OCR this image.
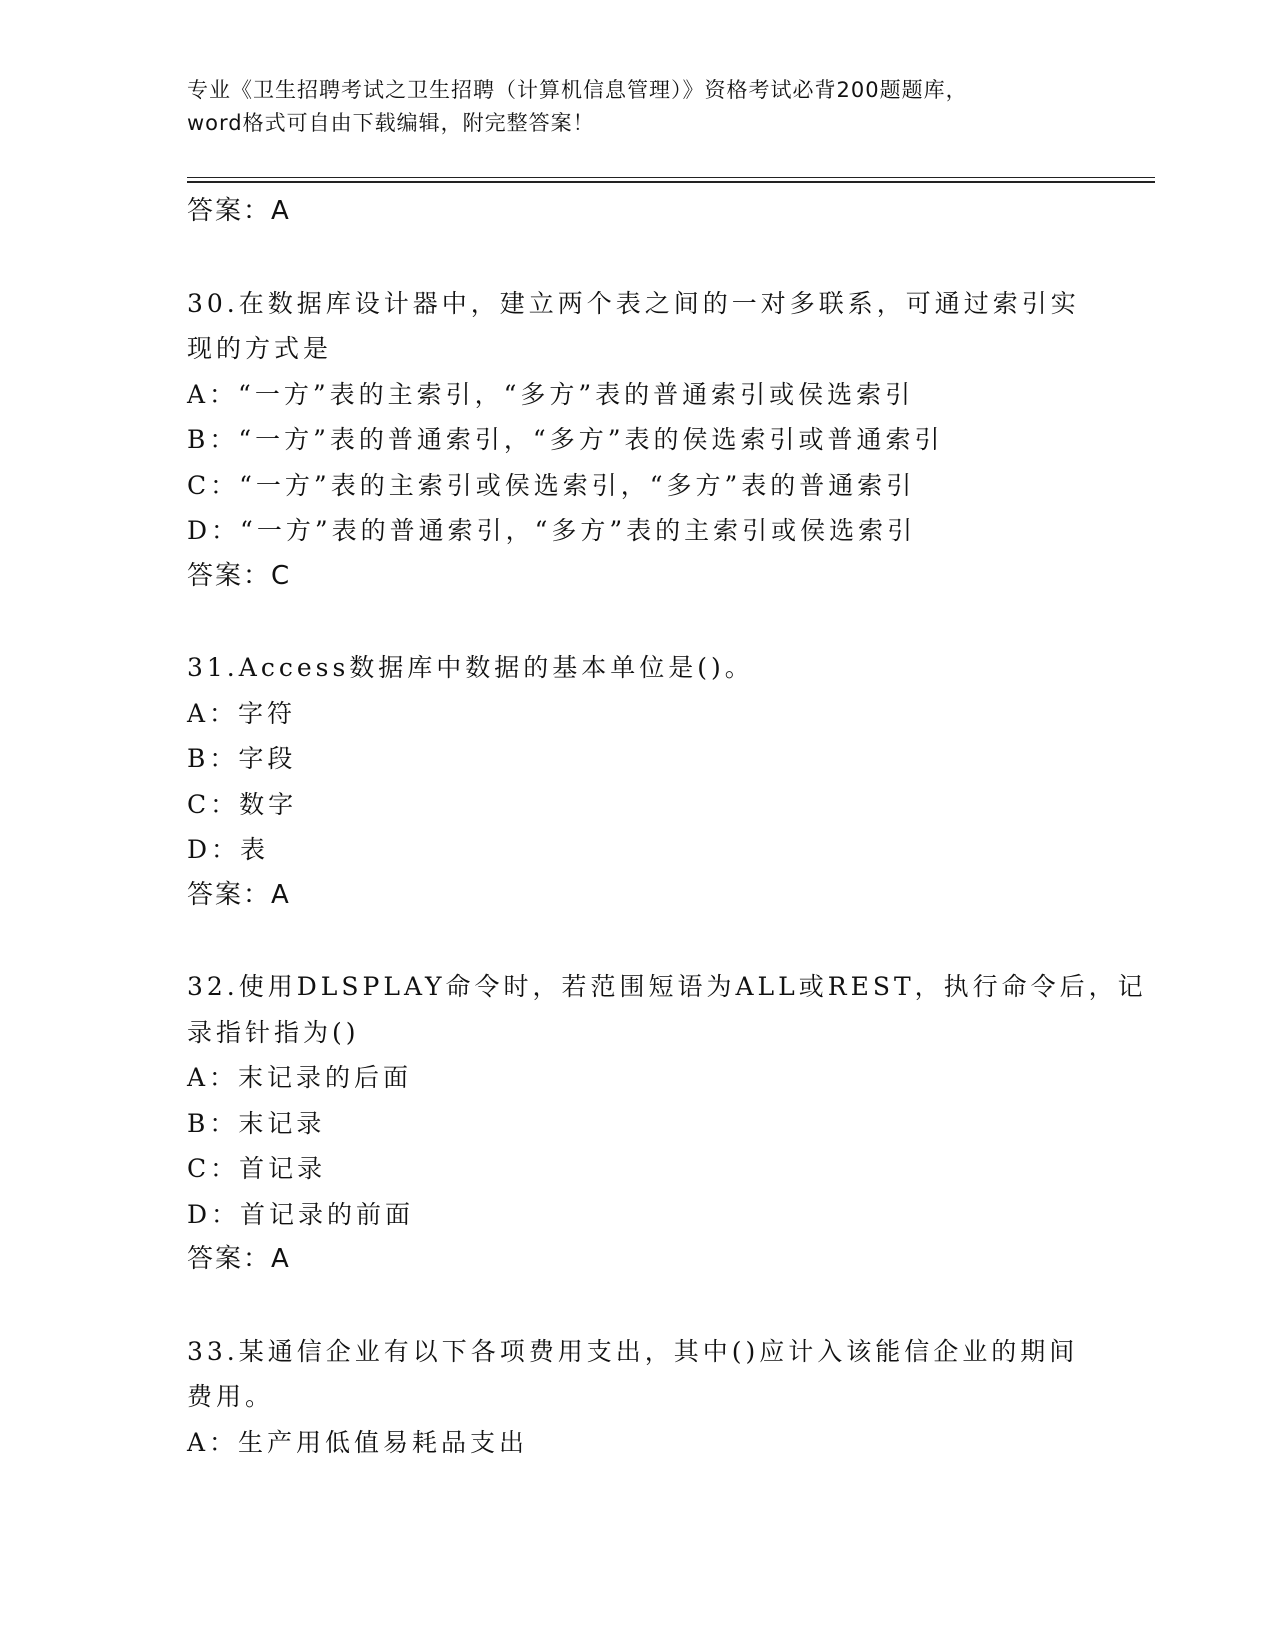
专业《卫生招聘考试之卫生招聘（计算机信息管理）》资格考试必背200题题库，
word格式可自由下载编辑，附完整答案！
答案：A
30.在数据库设计器中，建立两个表之间的一对多联系，可通过索引实
现的方式是
A：“一方”表的主索引，“多方”表的普通索引或侯选索引
B：“一方”表的普通索引，“多方”表的侯选索引或普通索引
C：“一方”表的主索引或侯选索引，“多方”表的普通索引
D：“一方”表的普通索引，“多方”表的主索引或侯选索引
答案：C
31.Access数据库中数据的基本单位是()。
A：字符
B：字段
C：数字
D：表
答案：A
32.使用DLSPLAY命令时，若范围短语为ALL或REST，执行命令后，记
录指针指为()
A：末记录的后面
B：末记录
C：首记录
D：首记录的前面
答案：A
33.某通信企业有以下各项费用支出，其中()应计入该能信企业的期间
费用。
A：生产用低值易耗品支出
